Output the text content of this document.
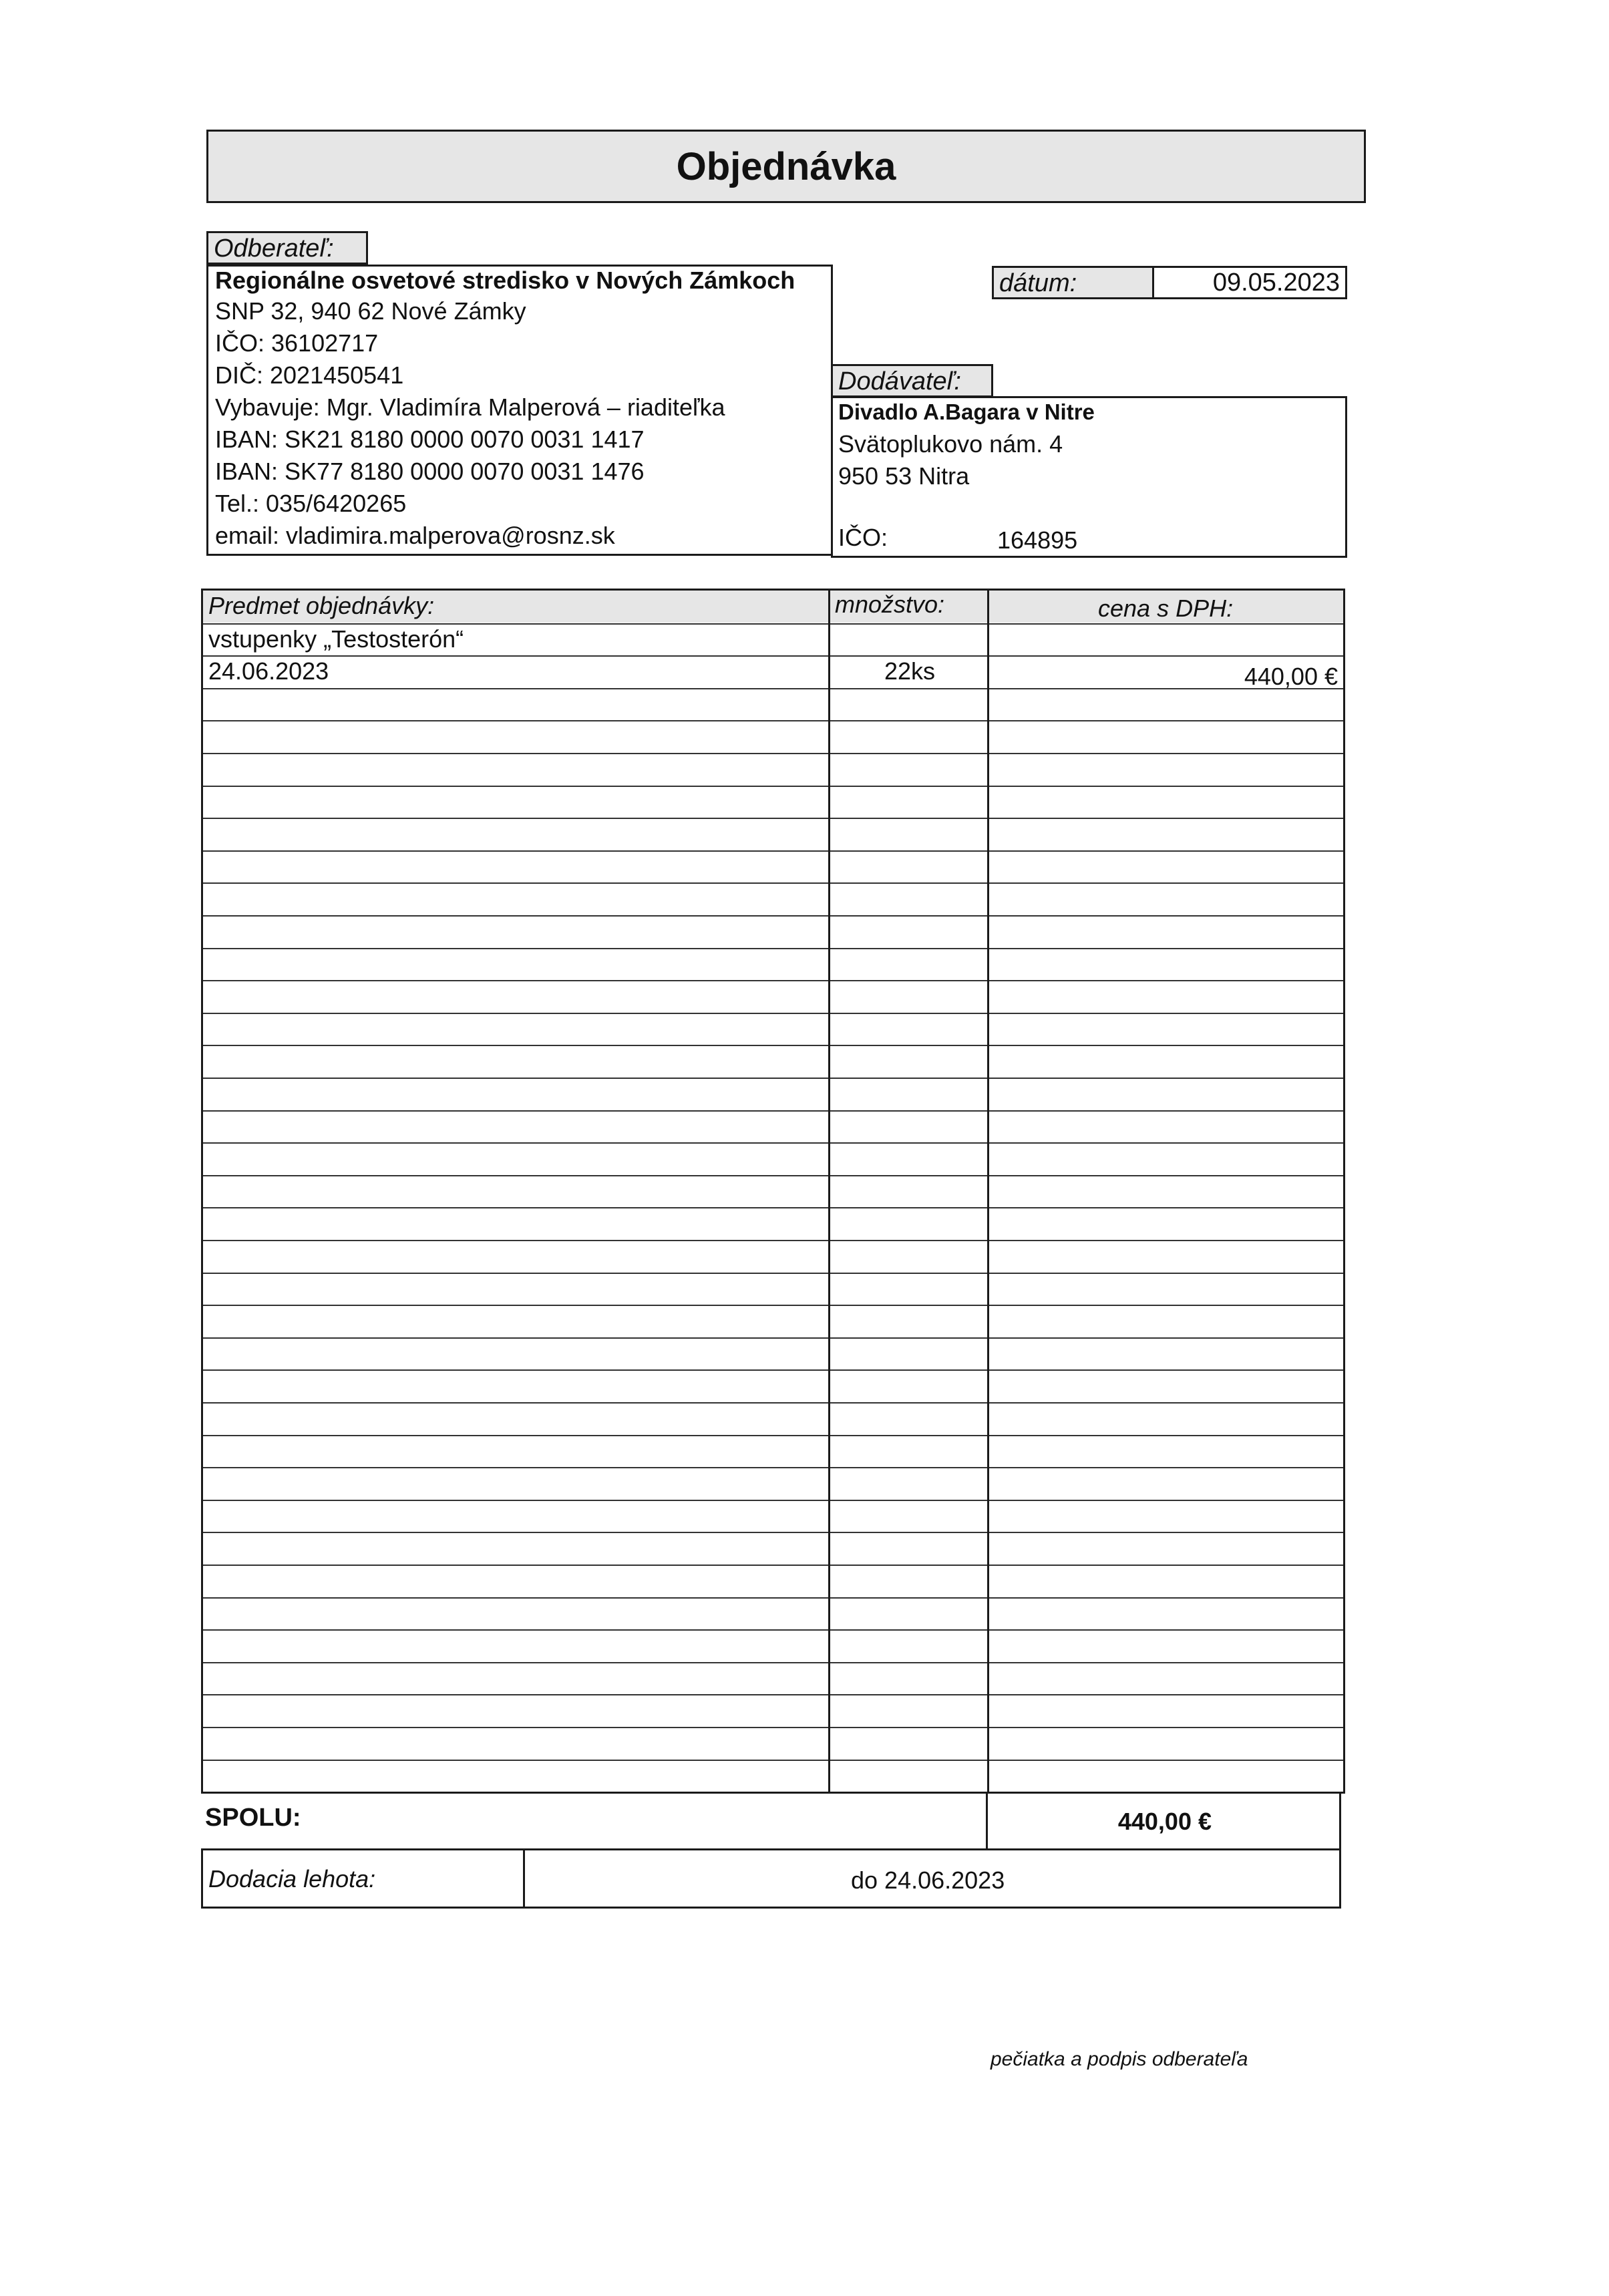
Objednávka
Odberateľ:
Regionálne osvetové stredisko v Nových Zámkoch
SNP 32, 940 62 Nové Zámky
IČO: 36102717
DIČ: 2021450541
Vybavuje: Mgr. Vladimíra Malperová – riaditeľka
IBAN: SK21 8180 0000 0070 0031 1417
IBAN: SK77 8180 0000 0070 0031 1476
Tel.: 035/6420265
email: vladimira.malperova@rosnz.sk
dátum:	09.05.2023
Dodávateľ:
Divadlo A.Bagara v Nitre
Svätoplukovo nám. 4
950 53 Nitra
IČO:	164895
Predmet objednávky:	množstvo:	cena s DPH:
vstupenky „Testosterón“
24.06.2023	22ks	440,00 €
SPOLU:	440,00 €
Dodacia lehota:	do 24.06.2023
pečiatka a podpis odberateľa
